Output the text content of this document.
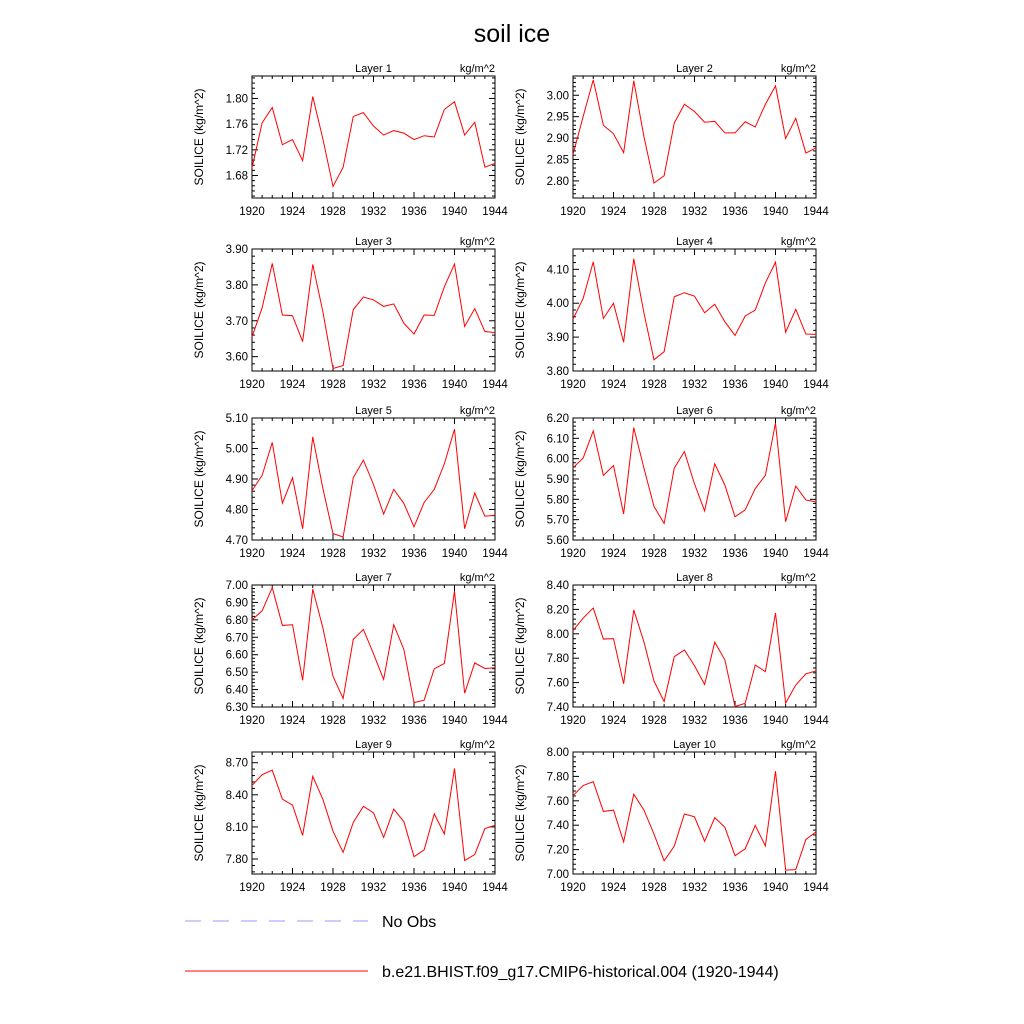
soil ice
1920 1924 1928 1932 1936 1940 1944
1.68
1.72
1.76
1.80
SOILICE (kg/m^2)
Layer 1	kg/m^2
1920 1924 1928 1932 1936 1940 1944
2.80
2.85
2.90
2.95
3.00
SOILICE (kg/m^2)
Layer 2	kg/m^2
1920 1924 1928 1932 1936 1940 1944
3.60
3.70
3.80
3.90
SOILICE (kg/m^2)
Layer 3	kg/m^2
1920 1924 1928 1932 1936 1940 1944
3.80
3.90
4.00
4.10
SOILICE (kg/m^2)
Layer 4	kg/m^2
1920 1924 1928 1932 1936 1940 1944
4.70
4.80
4.90
5.00
5.10
SOILICE (kg/m^2)
Layer 5	kg/m^2
1920 1924 1928 1932 1936 1940 1944
5.60
5.70
5.80
5.90
6.00
6.10
6.20
SOILICE (kg/m^2)
Layer 6	kg/m^2
1920 1924 1928 1932 1936 1940 1944
6.30
6.40
6.50
6.60
6.70
6.80
6.90
7.00
SOILICE (kg/m^2)
Layer 7	kg/m^2
1920 1924 1928 1932 1936 1940 1944
7.40
7.60
7.80
8.00
8.20
8.40
SOILICE (kg/m^2)
Layer 8	kg/m^2
1920 1924 1928 1932 1936 1940 1944
7.80
8.10
8.40
8.70
SOILICE (kg/m^2)
Layer 9	kg/m^2
1920 1924 1928 1932 1936 1940 1944
7.00
7.20
7.40
7.60
7.80
8.00
SOILICE (kg/m^2)
Layer 10	kg/m^2
No Obs
b.e21.BHIST.f09_g17.CMIP6-historical.004 (1920-1944)
